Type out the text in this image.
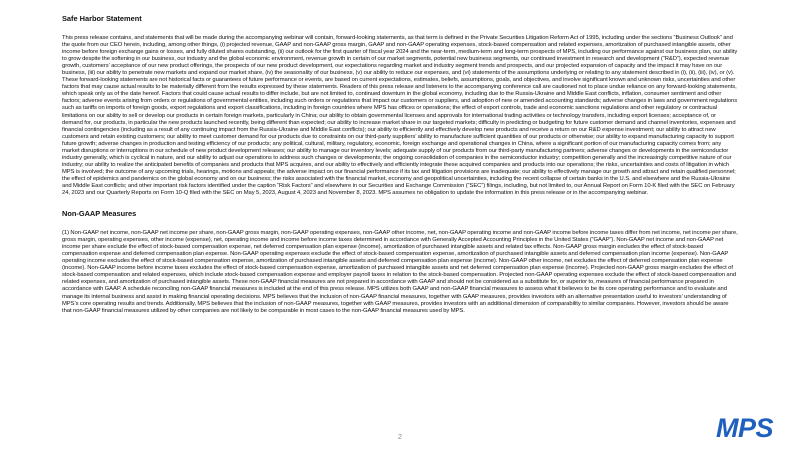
Safe Harbor Statement

This press release contains, and statements that will be made during the accompanying webinar will contain, forward-looking statements, as that term is defined in the Private Securities Litigation Reform Act of 1995, including under the sections “Business Outlook” and the quote from our CEO herein, including, among other things, (i) projected revenue, GAAP and non-GAAP gross margin, GAAP and non-GAAP operating expenses, stock-based compensation and related expenses, amortization of purchased intangible assets, other income before foreign exchange gains or losses, and fully diluted shares outstanding, (ii) our outlook for the first quarter of fiscal year 2024 and the near-term, medium-term and long-term prospects of MPS, including our performance against our business plan, our ability to grow despite the softening in our business, our industry and the global economic environment, revenue growth in certain of our market segments, potential new business segments, our continued investment in research and development (“R&D”), expected revenue growth, customers’ acceptance of our new product offerings, the prospects of our new product development, our expectations regarding market and industry segment trends and prospects, and our projected expansion of capacity and the impact it may have on our business, (iii) our ability to penetrate new markets and expand our market share, (iv) the seasonality of our business, (v) our ability to reduce our expenses, and (vi) statements of the assumptions underlying or relating to any statement described in (i), (ii), (iii), (iv), or (v). These forward-looking statements are not historical facts or guarantees of future performance or events, are based on current expectations, estimates, beliefs, assumptions, goals, and objectives, and involve significant known and unknown risks, uncertainties and other factors that may cause actual results to be materially different from the results expressed by these statements. Readers of this press release and listeners to the accompanying conference call are cautioned not to place undue reliance on any forward-looking statements, which speak only as of the date hereof. Factors that could cause actual results to differ include, but are not limited to, continued downturn in the global economy, including due to the Russia-Ukraine and Middle East conflicts, inflation, consumer sentiment and other factors; adverse events arising from orders or regulations of governmental entities, including such orders or regulations that impact our customers or suppliers, and adoption of new or amended accounting standards; adverse changes in laws and government regulations such as tariffs on imports of foreign goods, export regulations and export classifications, including in foreign countries where MPS has offices or operations; the effect of export controls, trade and economic sanctions regulations and other regulatory or contractual limitations on our ability to sell or develop our products in certain foreign markets, particularly in China; our ability to obtain governmental licenses and approvals for international trading activities or technology transfers, including export licenses; acceptance of, or demand for, our products, in particular the new products launched recently, being different than expected; our ability to increase market share in our targeted markets; difficulty in predicting or budgeting for future customer demand and channel inventories, expenses and financial contingencies (including as a result of any continuing impact from the Russia-Ukraine and Middle East conflicts); our ability to efficiently and effectively develop new products and receive a return on our R&D expense investment; our ability to attract new customers and retain existing customers; our ability to meet customer demand for our products due to constraints on our third-party suppliers’ ability to manufacture sufficient quantities of our products or otherwise; our ability to expand manufacturing capacity to support future growth; adverse changes in production and testing efficiency of our products; any political, cultural, military, regulatory, economic, foreign exchange and operational changes in China, where a significant portion of our manufacturing capacity comes from; any market disruptions or interruptions in our schedule of new product development releases; our ability to manage our inventory levels; adequate supply of our products from our third-party manufacturing partners; adverse changes or developments in the semiconductor industry generally, which is cyclical in nature, and our ability to adjust our operations to address such changes or developments; the ongoing consolidation of companies in the semiconductor industry; competition generally and the increasingly competitive nature of our industry; our ability to realize the anticipated benefits of companies and products that MPS acquires, and our ability to effectively and efficiently integrate these acquired companies and products into our operations; the risks, uncertainties and costs of litigation in which MPS is involved; the outcome of any upcoming trials, hearings, motions and appeals; the adverse impact on our financial performance if its tax and litigation provisions are inadequate; our ability to effectively manage our growth and attract and retain qualified personnel; the effect of epidemics and pandemics on the global economy and on our business; the risks associated with the financial market, economy and geopolitical uncertainties, including the recent collapse of certain banks in the U.S. and elsewhere and the Russia-Ukraine and Middle East conflicts; and other important risk factors identified under the caption “Risk Factors” and elsewhere in our Securities and Exchange Commission (“SEC”) filings, including, but not limited to, our Annual Report on Form 10-K filed with the SEC on February 24, 2023 and our Quarterly Reports on Form 10-Q filed with the SEC on May 5, 2023, August 4, 2023 and November 8, 2023. MPS assumes no obligation to update the information in this press release or in the accompanying webinar.

Non-GAAP Measures

(1) Non-GAAP net income, non-GAAP net income per share, non-GAAP gross margin, non-GAAP operating expenses, non-GAAP other income, net, non-GAAP operating income and non-GAAP income before income taxes differ from net income, net income per share, gross margin, operating expenses, other income (expense), net, operating income and income before income taxes determined in accordance with Generally Accepted Accounting Principles in the United States (“GAAP”). Non-GAAP net income and non-GAAP net income per share exclude the effect of stock-based compensation expense, net deferred compensation plan expense (income), amortization of purchased intangible assets and related tax effects. Non-GAAP gross margin excludes the effect of stock-based compensation expense and deferred compensation plan expense. Non-GAAP operating expenses exclude the effect of stock-based compensation expense, amortization of purchased intangible assets and deferred compensation plan income (expense). Non-GAAP operating income excludes the effect of stock-based compensation expense, amortization of purchased intangible assets and deferred compensation plan expense (income). Non-GAAP other income, net excludes the effect of deferred compensation plan expense (income). Non-GAAP income before income taxes excludes the effect of stock-based compensation expense, amortization of purchased intangible assets and net deferred compensation plan expense (income). Projected non-GAAP gross margin excludes the effect of stock-based compensation and related expenses, which include stock-based compensation expense and employer payroll taxes in relation to the stock-based compensation. Projected non-GAAP operating expenses exclude the effect of stock-based compensation and related expenses, and amortization of purchased intangible assets. These non-GAAP financial measures are not prepared in accordance with GAAP and should not be considered as a substitute for, or superior to, measures of financial performance prepared in accordance with GAAP. A schedule reconciling non-GAAP financial measures is included at the end of this press release. MPS utilizes both GAAP and non-GAAP financial measures to assess what it believes to be its core operating performance and to evaluate and manage its internal business and assist in making financial operating decisions. MPS believes that the inclusion of non-GAAP financial measures, together with GAAP measures, provides investors with an alternative presentation useful to investors’ understanding of MPS’s core operating results and trends. Additionally, MPS believes that the inclusion of non-GAAP measures, together with GAAP measures, provides investors with an additional dimension of comparability to similar companies. However, investors should be aware that non-GAAP financial measures utilized by other companies are not likely to be comparable in most cases to the non-GAAP financial measures used by MPS.

2	MPS
